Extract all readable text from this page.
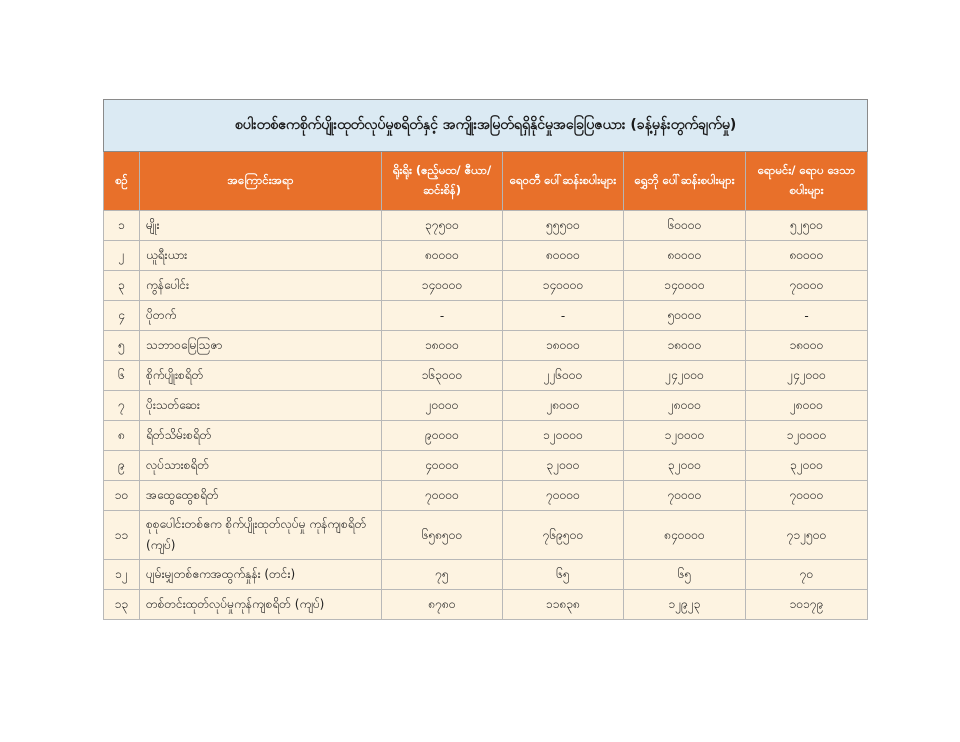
စပါးတစ်ဧကစိုက်ပျိုးထုတ်လုပ်မှုစရိတ်နှင့် အကျိုးအမြတ်ရရှိနိုင်မှုအခြေပြဇယား (ခန့်မှန်းတွက်ချက်မှု)					
စဉ်	အကြောင်းအရာ	ရိုးရိုး (ဧည့်မထ/ ဧီယာ/ဆင်းစိန်)	ရေဝတီ ပေါ်ဆန်းစပါးများ	ရွှေဘို ပေါ်ဆန်းစပါးများ	ရောမင်း/ ရောပ ဒေသာ စပါးများ
၁	မျိုး	၃၇၅၀၀	၅၅၅၀၀	၆၀၀၀၀	၅၂၅၀၀
၂	ယူရီးယား	၈၀၀၀၀	၈၀၀၀၀	၈၀၀၀၀	၈၀၀၀၀
၃	ကွန်ပေါင်း	၁၄၀၀၀၀	၁၄၀၀၀၀	၁၄၀၀၀၀	၇၀၀၀၀
၄	ပိုတက်	-	-	၅၀၀၀၀	-
၅	သဘာဝမြေဩဇာ	၁၈၀၀၀	၁၈၀၀၀	၁၈၀၀၀	၁၈၀၀၀
၆	စိုက်ပျိုးစရိတ်	၁၆၃၀၀၀	၂၂၆၀၀၀	၂၄၂၀၀၀	၂၄၂၀၀၀
၇	ပိုးသတ်ဆေး	၂၀၀၀၀	၂၈၀၀၀	၂၈၀၀၀	၂၈၀၀၀
၈	ရိတ်သိမ်းစရိတ်	၉၀၀၀၀	၁၂၀၀၀၀	၁၂၀၀၀၀	၁၂၀၀၀၀
၉	လုပ်သားစရိတ်	၄၀၀၀၀	၃၂၀၀၀	၃၂၀၀၀	၃၂၀၀၀
၁၀	အထွေထွေစရိတ်	၇၀၀၀၀	၇၀၀၀၀	၇၀၀၀၀	၇၀၀၀၀
၁၁	စုစုပေါင်းတစ်ဧက စိုက်ပျိုးထုတ်လုပ်မှု ကုန်ကျစရိတ် (ကျပ်)	၆၅၈၅၀၀	၇၆၉၅၀၀	၈၄၀၀၀၀	၇၁၂၅၀၀
၁၂	ပျမ်းမျှတစ်ဧကအထွက်နှုန်း (တင်း)	၇၅	၆၅	၆၅	၇၀
၁၃	တစ်တင်းထုတ်လုပ်မှုကုန်ကျစရိတ် (ကျပ်)	၈၇၈၀	၁၁၈၃၈	၁၂၉၂၃	၁၀၁၇၉
